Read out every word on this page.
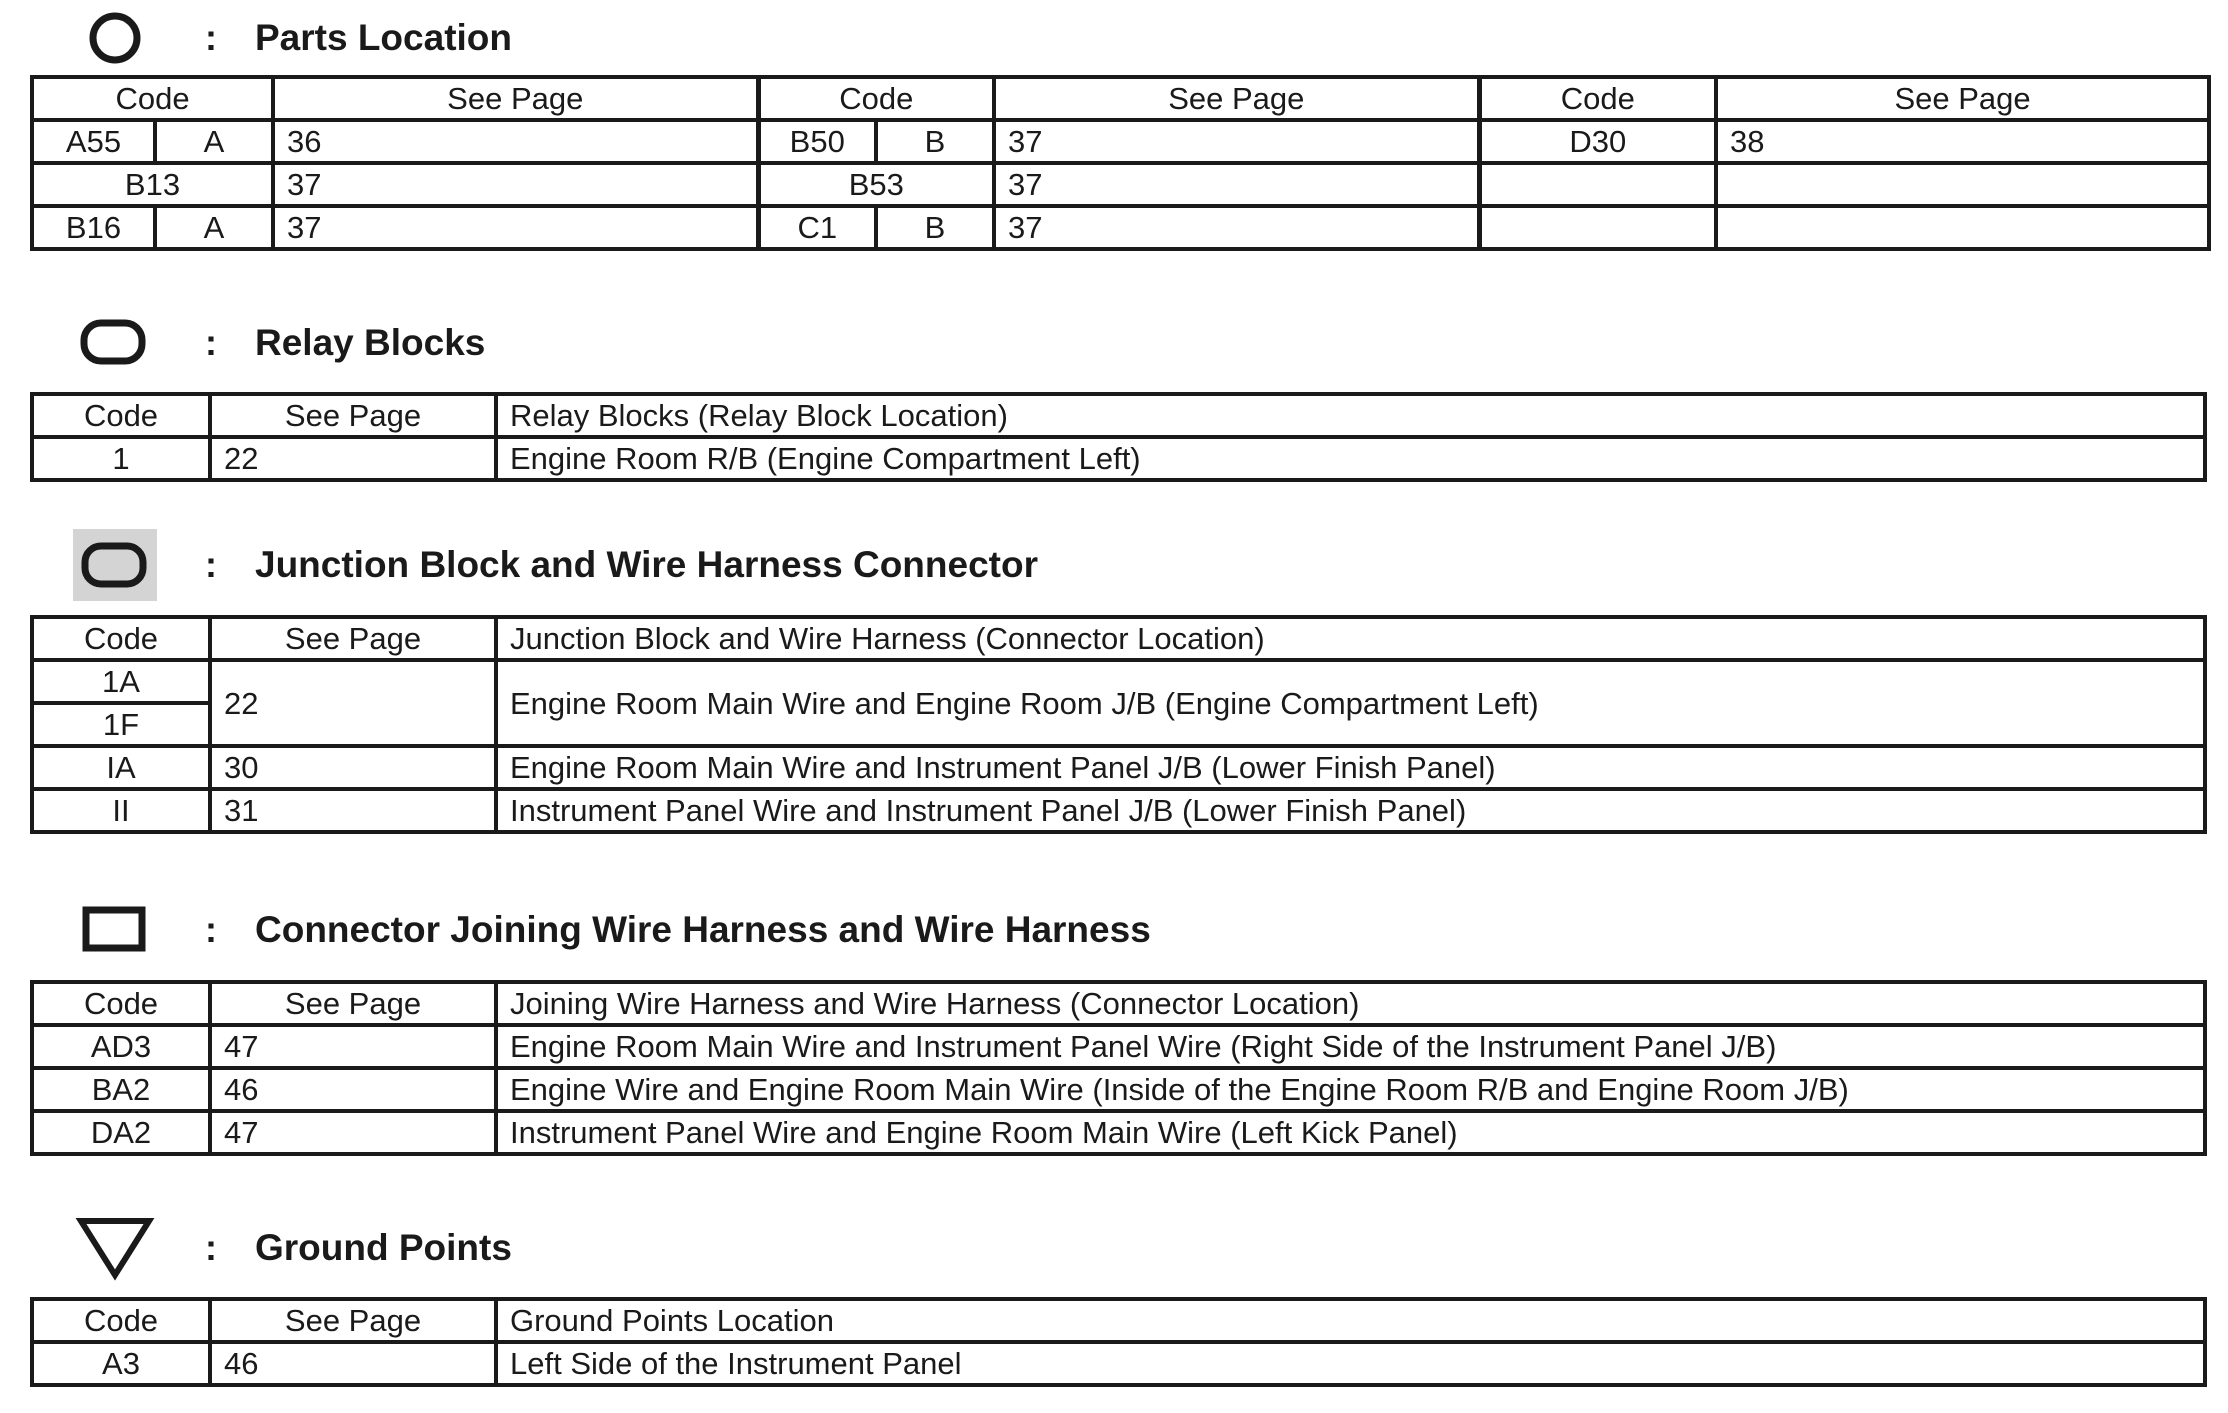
:	Parts Location
Code		See Page	Code		See Page	Code	See Page
A55	A	36	B50	B	37	D30	38
B13		37	B53		37		
B16	A	37	C1	B	37		
:	Relay Blocks
Code	See Page	Relay Blocks (Relay Block Location)
1	22	Engine Room R/B (Engine Compartment Left)
:	Junction Block and Wire Harness Connector
Code	See Page	Junction Block and Wire Harness (Connector Location)
1A	22	Engine Room Main Wire and Engine Room J/B (Engine Compartment Left)
1F		
IA	30	Engine Room Main Wire and Instrument Panel J/B (Lower Finish Panel)
II	31	Instrument Panel Wire and Instrument Panel J/B (Lower Finish Panel)
:	Connector Joining Wire Harness and Wire Harness
Code	See Page	Joining Wire Harness and Wire Harness (Connector Location)
AD3	47	Engine Room Main Wire and Instrument Panel Wire (Right Side of the Instrument Panel J/B)
BA2	46	Engine Wire and Engine Room Main Wire (Inside of the Engine Room R/B and Engine Room J/B)
DA2	47	Instrument Panel Wire and Engine Room Main Wire (Left Kick Panel)
:	Ground Points
Code	See Page	Ground Points Location
A3	46	Left Side of the Instrument Panel
